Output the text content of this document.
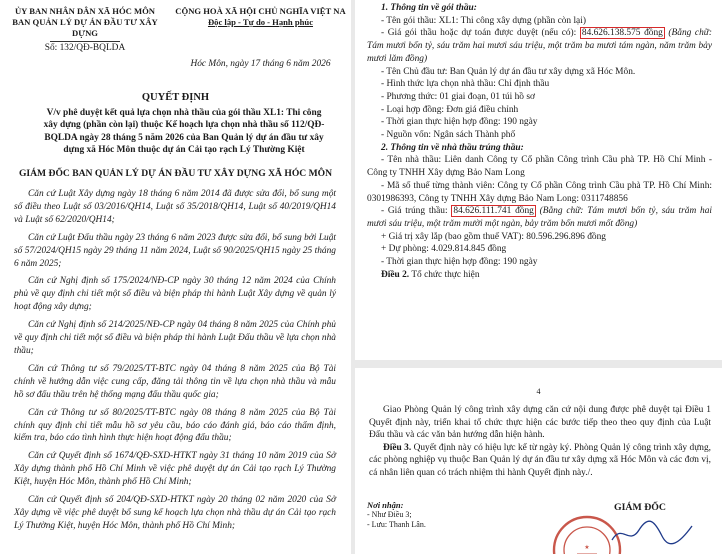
ỦY BAN NHÂN DÂN XÃ HÓC MÔN
BAN QUẢN LÝ DỰ ÁN ĐẦU TƯ XÂY DỰNG
CỘNG HOÀ XÃ HỘI CHỦ NGHĨA VIỆT NA
Độc lập - Tự do - Hạnh phúc
Số: 132/QĐ-BQLDA
Hóc Môn, ngày 17 tháng 6 năm 2026
QUYẾT ĐỊNH
V/v phê duyệt kết quả lựa chọn nhà thầu của gói thầu XL1: Thi công xây dựng (phần còn lại) thuộc Kế hoạch lựa chọn nhà thầu số 112/QĐ-BQLDA ngày 28 tháng 5 năm 2026 của Ban Quản lý dự án đầu tư xây dựng xã Hóc Môn thuộc dự án Cải tạo rạch Lý Thường Kiệt
GIÁM ĐỐC BAN QUẢN LÝ DỰ ÁN ĐẦU TƯ XÂY DỰNG XÃ HÓC MÔN
Căn cứ Luật Xây dựng ngày 18 tháng 6 năm 2014 đã được sửa đổi, bổ sung một số điều theo Luật số 03/2016/QH14, Luật số 35/2018/QH14, Luật số 40/2019/QH14 và Luật số 62/2020/QH14;
Căn cứ Luật Đấu thầu ngày 23 tháng 6 năm 2023 được sửa đổi, bổ sung bởi Luật số 57/2024/QH15 ngày 29 tháng 11 năm 2024, Luật số 90/2025/QH15 ngày 25 tháng 6 năm 2025;
Căn cứ Nghị định số 175/2024/NĐ-CP ngày 30 tháng 12 năm 2024 của Chính phủ về quy định chi tiết một số điều và biện pháp thi hành Luật Xây dựng về quản lý hoạt động xây dựng;
Căn cứ Nghị định số 214/2025/NĐ-CP ngày 04 tháng 8 năm 2025 của Chính phủ về quy định chi tiết một số điều và biện pháp thi hành Luật Đấu thầu về lựa chọn nhà thầu;
Căn cứ Thông tư số 79/2025/TT-BTC ngày 04 tháng 8 năm 2025 của Bộ Tài chính về hướng dẫn việc cung cấp, đăng tải thông tin về lựa chọn nhà thầu và mẫu hồ sơ đấu thầu trên hệ thống mạng đấu thầu quốc gia;
Căn cứ Thông tư số 80/2025/TT-BTC ngày 08 tháng 8 năm 2025 của Bộ Tài chính quy định chi tiết mẫu hồ sơ yêu cầu, báo cáo đánh giá, báo cáo thẩm định, kiểm tra, báo cáo tình hình thực hiện hoạt động đấu thầu;
Căn cứ Quyết định số 1674/QĐ-SXD-HTKT ngày 31 tháng 10 năm 2019 của Sở Xây dựng thành phố Hồ Chí Minh về việc phê duyệt dự án Cải tạo rạch Lý Thường Kiệt, huyện Hóc Môn, thành phố Hồ Chí Minh;
Căn cứ Quyết định số 204/QĐ-SXD-HTKT ngày 20 tháng 02 năm 2020 của Sở Xây dựng về việc phê duyệt bổ sung kế hoạch lựa chọn nhà thầu dự án Cải tạo rạch Lý Thường Kiệt, huyện Hóc Môn, thành phố Hồ Chí Minh;
1. Thông tin về gói thầu:
- Tên gói thầu: XL1: Thi công xây dựng (phần còn lại)
- Giá gói thầu hoặc dự toán được duyệt (nếu có): 84.626.138.575 đồng (Bằng chữ: Tám mươi bốn tỷ, sáu trăm hai mươi sáu triệu, một trăm ba mươi tám ngàn, năm trăm bảy mươi lăm đồng)
- Tên Chủ đầu tư: Ban Quản lý dự án đầu tư xây dựng xã Hóc Môn.
- Hình thức lựa chọn nhà thầu: Chỉ định thầu
- Phương thức: 01 giai đoạn, 01 túi hồ sơ
- Loại hợp đồng: Đơn giá điều chỉnh
- Thời gian thực hiện hợp đồng: 190 ngày
- Nguồn vốn: Ngân sách Thành phố
2. Thông tin về nhà thầu trúng thầu:
- Tên nhà thầu: Liên danh Công ty Cổ phần Công trình Cầu phà TP. Hồ Chí Minh - Công ty TNHH Xây dựng Bảo Nam Long
- Mã số thuế từng thành viên: Công ty Cổ phần Công trình Cầu phà TP. Hồ Chí Minh: 0301986393, Công ty TNHH Xây dựng Bảo Nam Long: 0311748856
- Giá trúng thầu: 84.626.111.741 đồng (Bằng chữ: Tám mươi bốn tỷ, sáu trăm hai mươi sáu triệu, một trăm mười một ngàn, bảy trăm bốn mươi mốt đồng)
+ Giá trị xây lắp (bao gồm thuế VAT): 80.596.296.896 đồng
+ Dự phòng: 4.029.814.845 đồng
- Thời gian thực hiện hợp đồng: 190 ngày
Điều 2. Tổ chức thực hiện
4
Giao Phòng Quản lý công trình xây dựng căn cứ nội dung được phê duyệt tại Điều 1 Quyết định này, triển khai tổ chức thực hiện các bước tiếp theo theo quy định của Luật Đấu thầu và các văn bản hướng dẫn hiện hành.
Điều 3. Quyết định này có hiệu lực kể từ ngày ký. Phòng Quản lý công trình xây dựng, các phòng nghiệp vụ thuộc Ban Quản lý dự án đầu tư xây dựng xã Hóc Môn và các đơn vị, cá nhân liên quan có trách nhiệm thi hành Quyết định này./.
Nơi nhận:
- Như Điều 3;
- Lưu: Thanh Lân.
GIÁM ĐỐC
★
